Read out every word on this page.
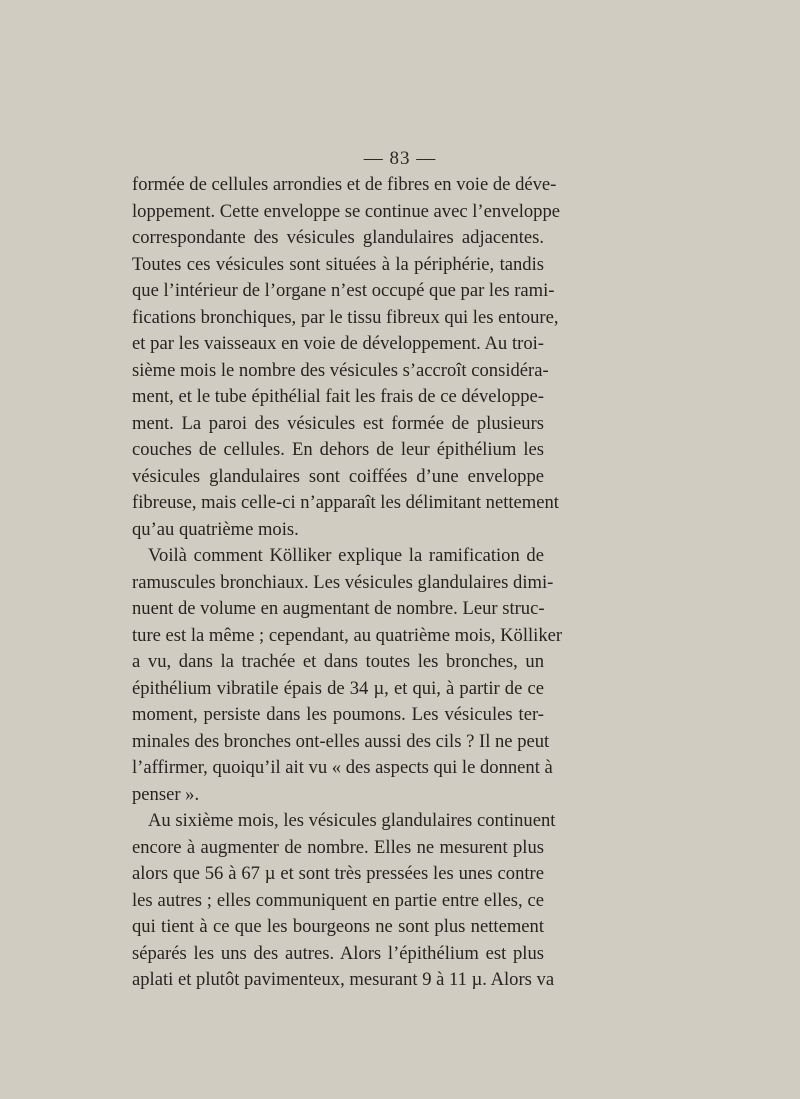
— 83 —
formée de cellules arrondies et de fibres en voie de déve-
loppement. Cette enveloppe se continue avec l’enveloppe
correspondante des vésicules glandulaires adjacentes.
Toutes ces vésicules sont situées à la périphérie, tandis
que l’intérieur de l’organe n’est occupé que par les rami-
fications bronchiques, par le tissu fibreux qui les entoure,
et par les vaisseaux en voie de développement. Au troi-
sième mois le nombre des vésicules s’accroît considéra-
ment, et le tube épithélial fait les frais de ce développe-
ment. La paroi des vésicules est formée de plusieurs
couches de cellules. En dehors de leur épithélium les
vésicules glandulaires sont coiffées d’une enveloppe
fibreuse, mais celle-ci n’apparaît les délimitant nettement
qu’au quatrième mois.
Voilà comment Kölliker explique la ramification de
ramuscules bronchiaux. Les vésicules glandulaires dimi-
nuent de volume en augmentant de nombre. Leur struc-
ture est la même ; cependant, au quatrième mois, Kölliker
a vu, dans la trachée et dans toutes les bronches, un
épithélium vibratile épais de 34 µ, et qui, à partir de ce
moment, persiste dans les poumons. Les vésicules ter-
minales des bronches ont-elles aussi des cils ? Il ne peut
l’affirmer, quoiqu’il ait vu « des aspects qui le donnent à
penser ».
Au sixième mois, les vésicules glandulaires continuent
encore à augmenter de nombre. Elles ne mesurent plus
alors que 56 à 67 µ et sont très pressées les unes contre
les autres ; elles communiquent en partie entre elles, ce
qui tient à ce que les bourgeons ne sont plus nettement
séparés les uns des autres. Alors l’épithélium est plus
aplati et plutôt pavimenteux, mesurant 9 à 11 µ. Alors va
